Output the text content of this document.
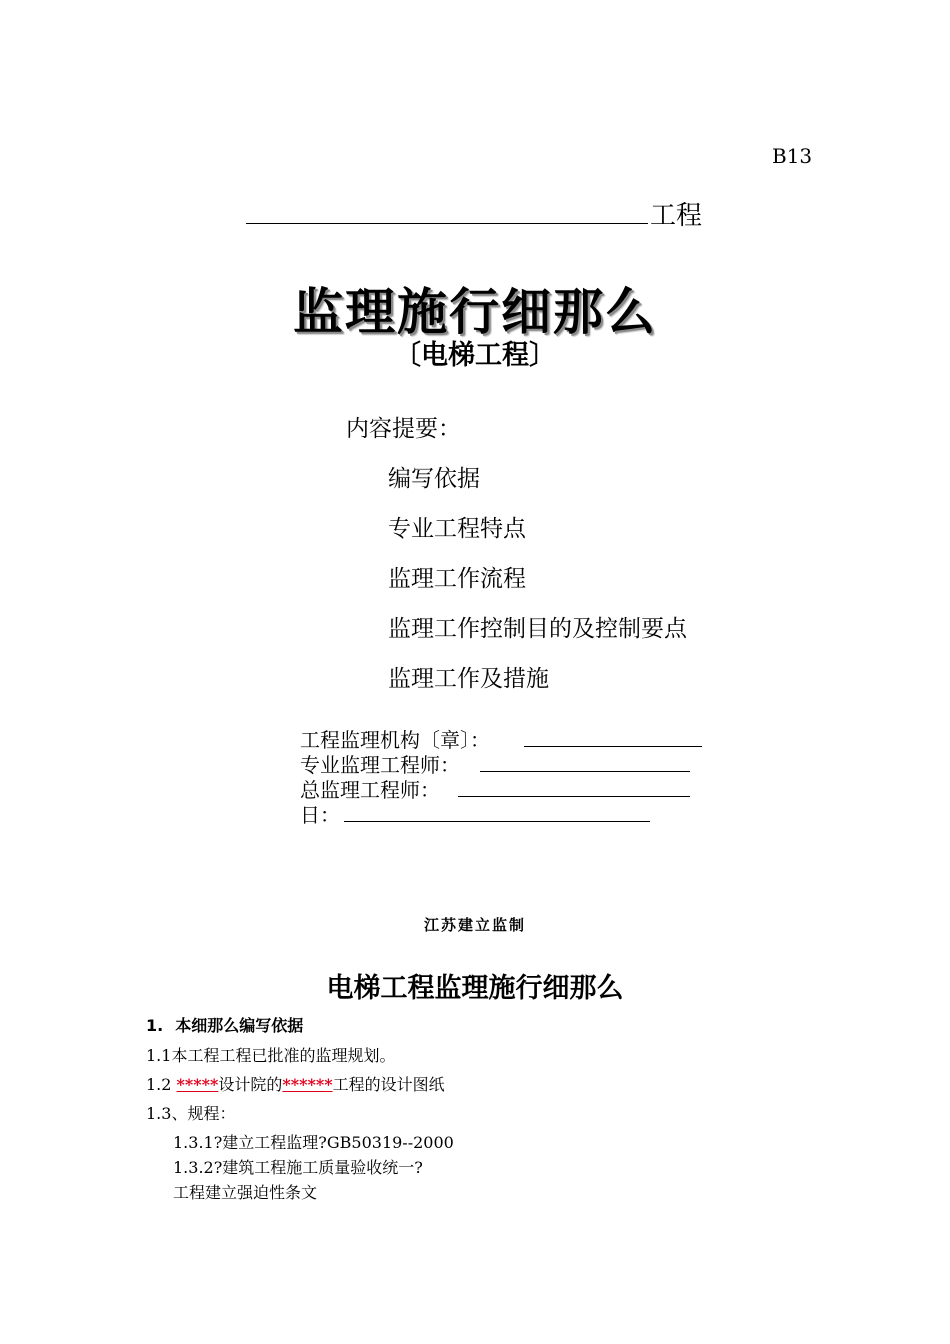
B13
工程
监理施行细那么
〔电梯工程〕
内容提要：
编写依据
专业工程特点
监理工作流程
监理工作控制目的及控制要点
监理工作及措施
工程监理机构〔章〕：
专业监理工程师：
总监理工程师：
日：
江苏建立监制
电梯工程监理施行细那么
1. 本细那么编写依据
1.1本工程工程已批准的监理规划。
1.2 *****设计院的******工程的设计图纸
1.3、规程：
1.3.1?建立工程监理?GB50319--2000
1.3.2?建筑工程施工质量验收统一?
工程建立强迫性条文
